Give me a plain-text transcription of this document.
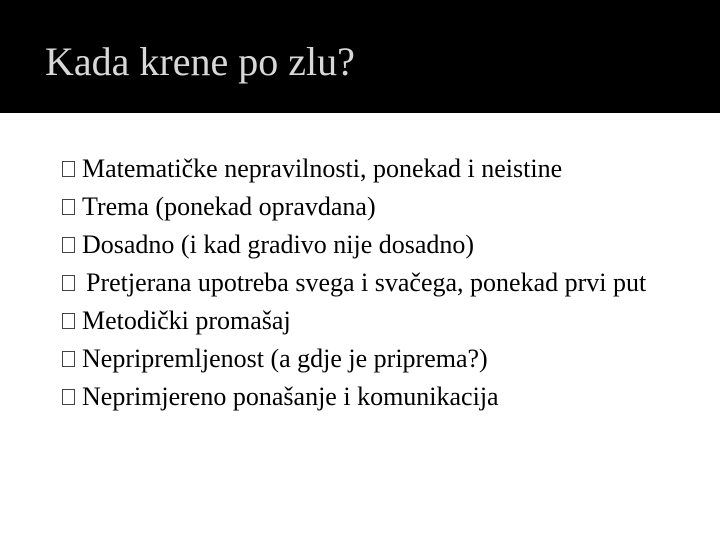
Kada krene po zlu?
Matematičke nepravilnosti, ponekad i neistine
Trema (ponekad opravdana)
Dosadno (i kad gradivo nije dosadno)
Pretjerana upotreba svega i svačega, ponekad prvi put
Metodički promašaj
Nepripremljenost (a gdje je priprema?)
Neprimjereno ponašanje i komunikacija
